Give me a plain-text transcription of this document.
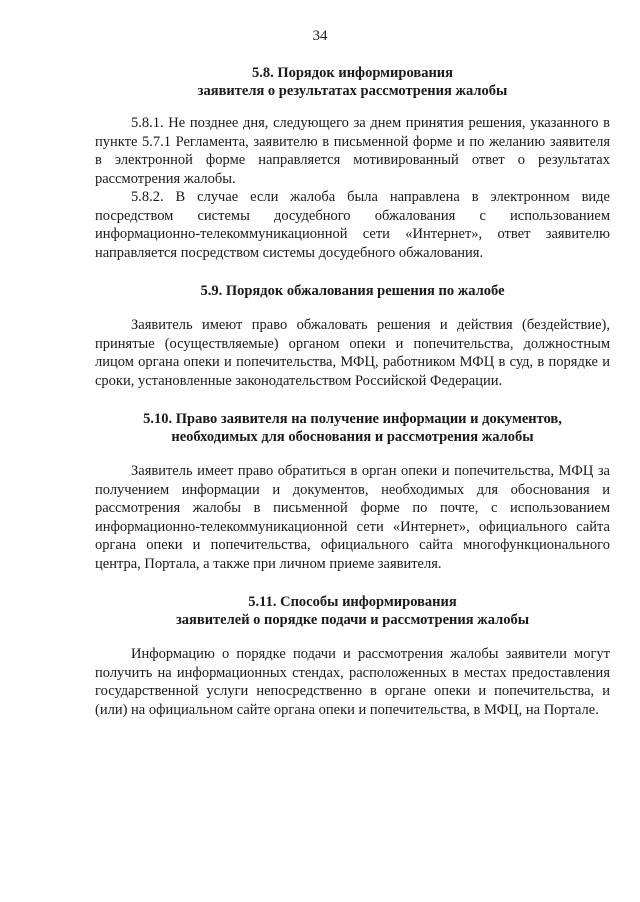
34
5.8. Порядок информирования
заявителя о результатах рассмотрения жалобы

5.8.1. Не позднее дня, следующего за днем принятия решения, указанного в пункте 5.7.1 Регламента, заявителю в письменной форме и по желанию заявителя в электронной форме направляется мотивированный ответ о результатах рассмотрения жалобы.

5.8.2. В случае если жалоба была направлена в электронном виде посредством системы досудебного обжалования с использованием информационно-телекоммуникационной сети «Интернет», ответ заявителю направляется посредством системы досудебного обжалования.

5.9. Порядок обжалования решения по жалобе

Заявитель имеют право обжаловать решения и действия (бездействие), принятые (осуществляемые) органом опеки и попечительства, должностным лицом органа опеки и попечительства, МФЦ, работником МФЦ в суд, в порядке и сроки, установленные законодательством Российской Федерации.

5.10. Право заявителя на получение информации и документов,
необходимых для обоснования и рассмотрения жалобы

Заявитель имеет право обратиться в орган опеки и попечительства, МФЦ за получением информации и документов, необходимых для обоснования и рассмотрения жалобы в письменной форме по почте, с использованием информационно-телекоммуникационной сети «Интернет», официального сайта органа опеки и попечительства, официального сайта многофункционального центра, Портала, а также при личном приеме заявителя.

5.11. Способы информирования
заявителей о порядке подачи и рассмотрения жалобы

Информацию о порядке подачи и рассмотрения жалобы заявители могут получить на информационных стендах, расположенных в местах предоставления государственной услуги непосредственно в органе опеки и попечительства, и (или) на официальном сайте органа опеки и попечительства, в МФЦ, на Портале.
